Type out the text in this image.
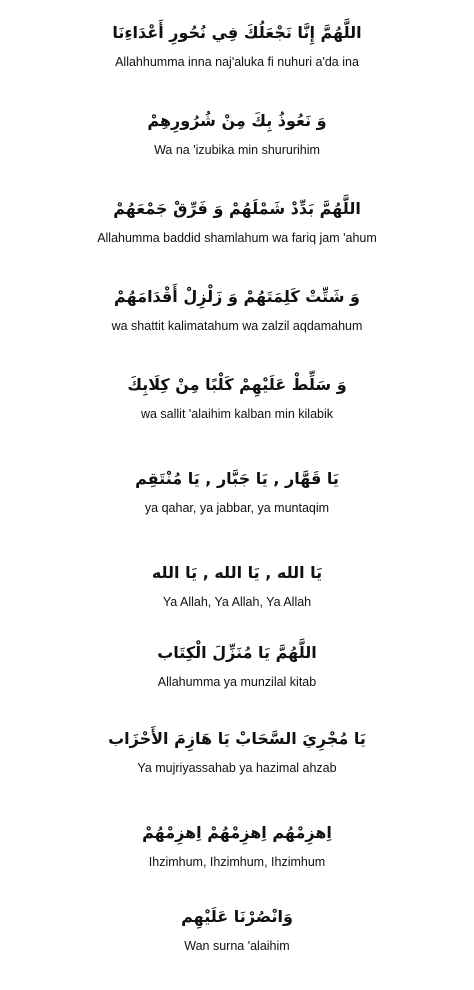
اللَّهُمَّ إِنَّا نَجْعَلُكَ فِي نُحُورِ أَعْدَاءِنَا
Allahhumma inna naj'aluka fi nuhuri a'da ina
وَ نَعُوذُ بِكَ مِنْ شُرُورِهِمْ
Wa na 'izubika min shururihim
اللَّهُمَّ بَدِّدْ شَمْلَهُمْ وَ فَرِّقْ جَمْعَهُمْ
Allahumma baddid shamlahum wa fariq jam 'ahum
وَ شَتِّتْ كَلِمَتَهُمْ وَ زَلْزِلْ أَقْدَامَهُمْ
wa shattit kalimatahum wa zalzil aqdamahum
وَ سَلِّطْ عَلَيْهِمْ كَلْبًا مِنْ كِلَابِكَ
wa sallit 'alaihim kalban min kilabik
يَا قَهَّار , يَا جَبَّار , يَا مُنْتَقِم
ya qahar, ya jabbar, ya muntaqim
يَا الله , يَا الله , يَا الله
Ya Allah, Ya Allah, Ya Allah
اللَّهُمَّ يَا مُنَزِّلَ الْكِتَاب
Allahumma ya munzilal kitab
يَا مُجْرِيَ السَّحَابْ يَا هَازِمَ الأَحْزَاب
Ya mujriyassahab ya hazimal ahzab
اِهزِمْهُم اِهزِمْهُمْ اِهزِمْهُمْ
Ihzimhum, Ihzimhum, Ihzimhum
وَانْصُرْنَا عَلَيْهِم
Wan surna 'alaihim
